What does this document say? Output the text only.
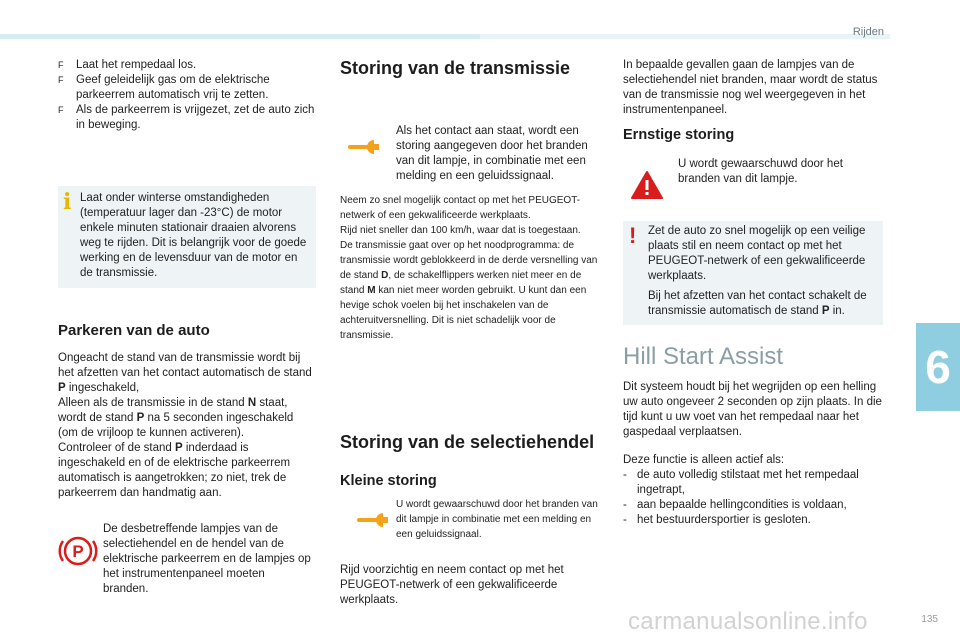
Rijden
6
135
carmanualsonline.info
F Laat het rempedaal los.
F Geef geleidelijk gas om de elektrische parkeerrem automatisch vrij te zetten.
F Als de parkeerrem is vrijgezet, zet de auto zich in beweging.
i Laat onder winterse omstandigheden (temperatuur lager dan -23°C) de motor enkele minuten stationair draaien alvorens weg te rijden. Dit is belangrijk voor de goede werking en de levensduur van de motor en de transmissie.

Parkeren van de auto

Ongeacht de stand van de transmissie wordt bij het afzetten van het contact automatisch de stand P ingeschakeld,

Alleen als de transmissie in de stand N staat, wordt de stand P na 5 seconden ingeschakeld (om de vrijloop te kunnen activeren).

Controleer of de stand P inderdaad is ingeschakeld en of de elektrische parkeerrem automatisch is aangetrokken; zo niet, trek de parkeerrem dan handmatig aan.

P

De desbetreffende lampjes van de selectiehendel en de hendel van de elektrische parkeerrem en de lampjes op het instrumentenpaneel moeten branden.

Storing van de transmissie

Als het contact aan staat, wordt een storing aangegeven door het branden van dit lampje, in combinatie met een melding en een geluidssignaal.

Neem zo snel mogelijk contact op met het PEUGEOT-netwerk of een gekwalificeerde werkplaats.
Rijd niet sneller dan 100 km/h, waar dat is toegestaan.
De transmissie gaat over op het noodprogramma: de transmissie wordt geblokkeerd in de derde versnelling van de stand D, de schakelflippers werken niet meer en de stand M kan niet meer worden gebruikt. U kunt dan een hevige schok voelen bij het inschakelen van de achteruitversnelling. Dit is niet schadelijk voor de transmissie.
Storing van de selectiehendel
Kleine storing
U wordt gewaarschuwd door het branden van dit lampje in combinatie met een melding en een geluidssignaal.

Rijd voorzichtig en neem contact op met het PEUGEOT-netwerk of een gekwalificeerde werkplaats.

In bepaalde gevallen gaan de lampjes van de selectiehendel niet branden, maar wordt de status van de transmissie nog wel weergegeven in het instrumentenpaneel.

Ernstige storing

U wordt gewaarschuwd door het branden van dit lampje.

! Zet de auto zo snel mogelijk op een veilige plaats stil en neem contact op met het PEUGEOT-netwerk of een gekwalificeerde werkplaats.

Bij het afzetten van het contact schakelt de transmissie automatisch de stand P in.

Hill Start Assist

Dit systeem houdt bij het wegrijden op een helling uw auto ongeveer 2 seconden op zijn plaats. In die tijd kunt u uw voet van het rempedaal naar het gaspedaal verplaatsen.

Deze functie is alleen actief als:

- de auto volledig stilstaat met het rempedaal ingetrapt,
- aan bepaalde hellingcondities is voldaan,
- het bestuurdersportier is gesloten.
